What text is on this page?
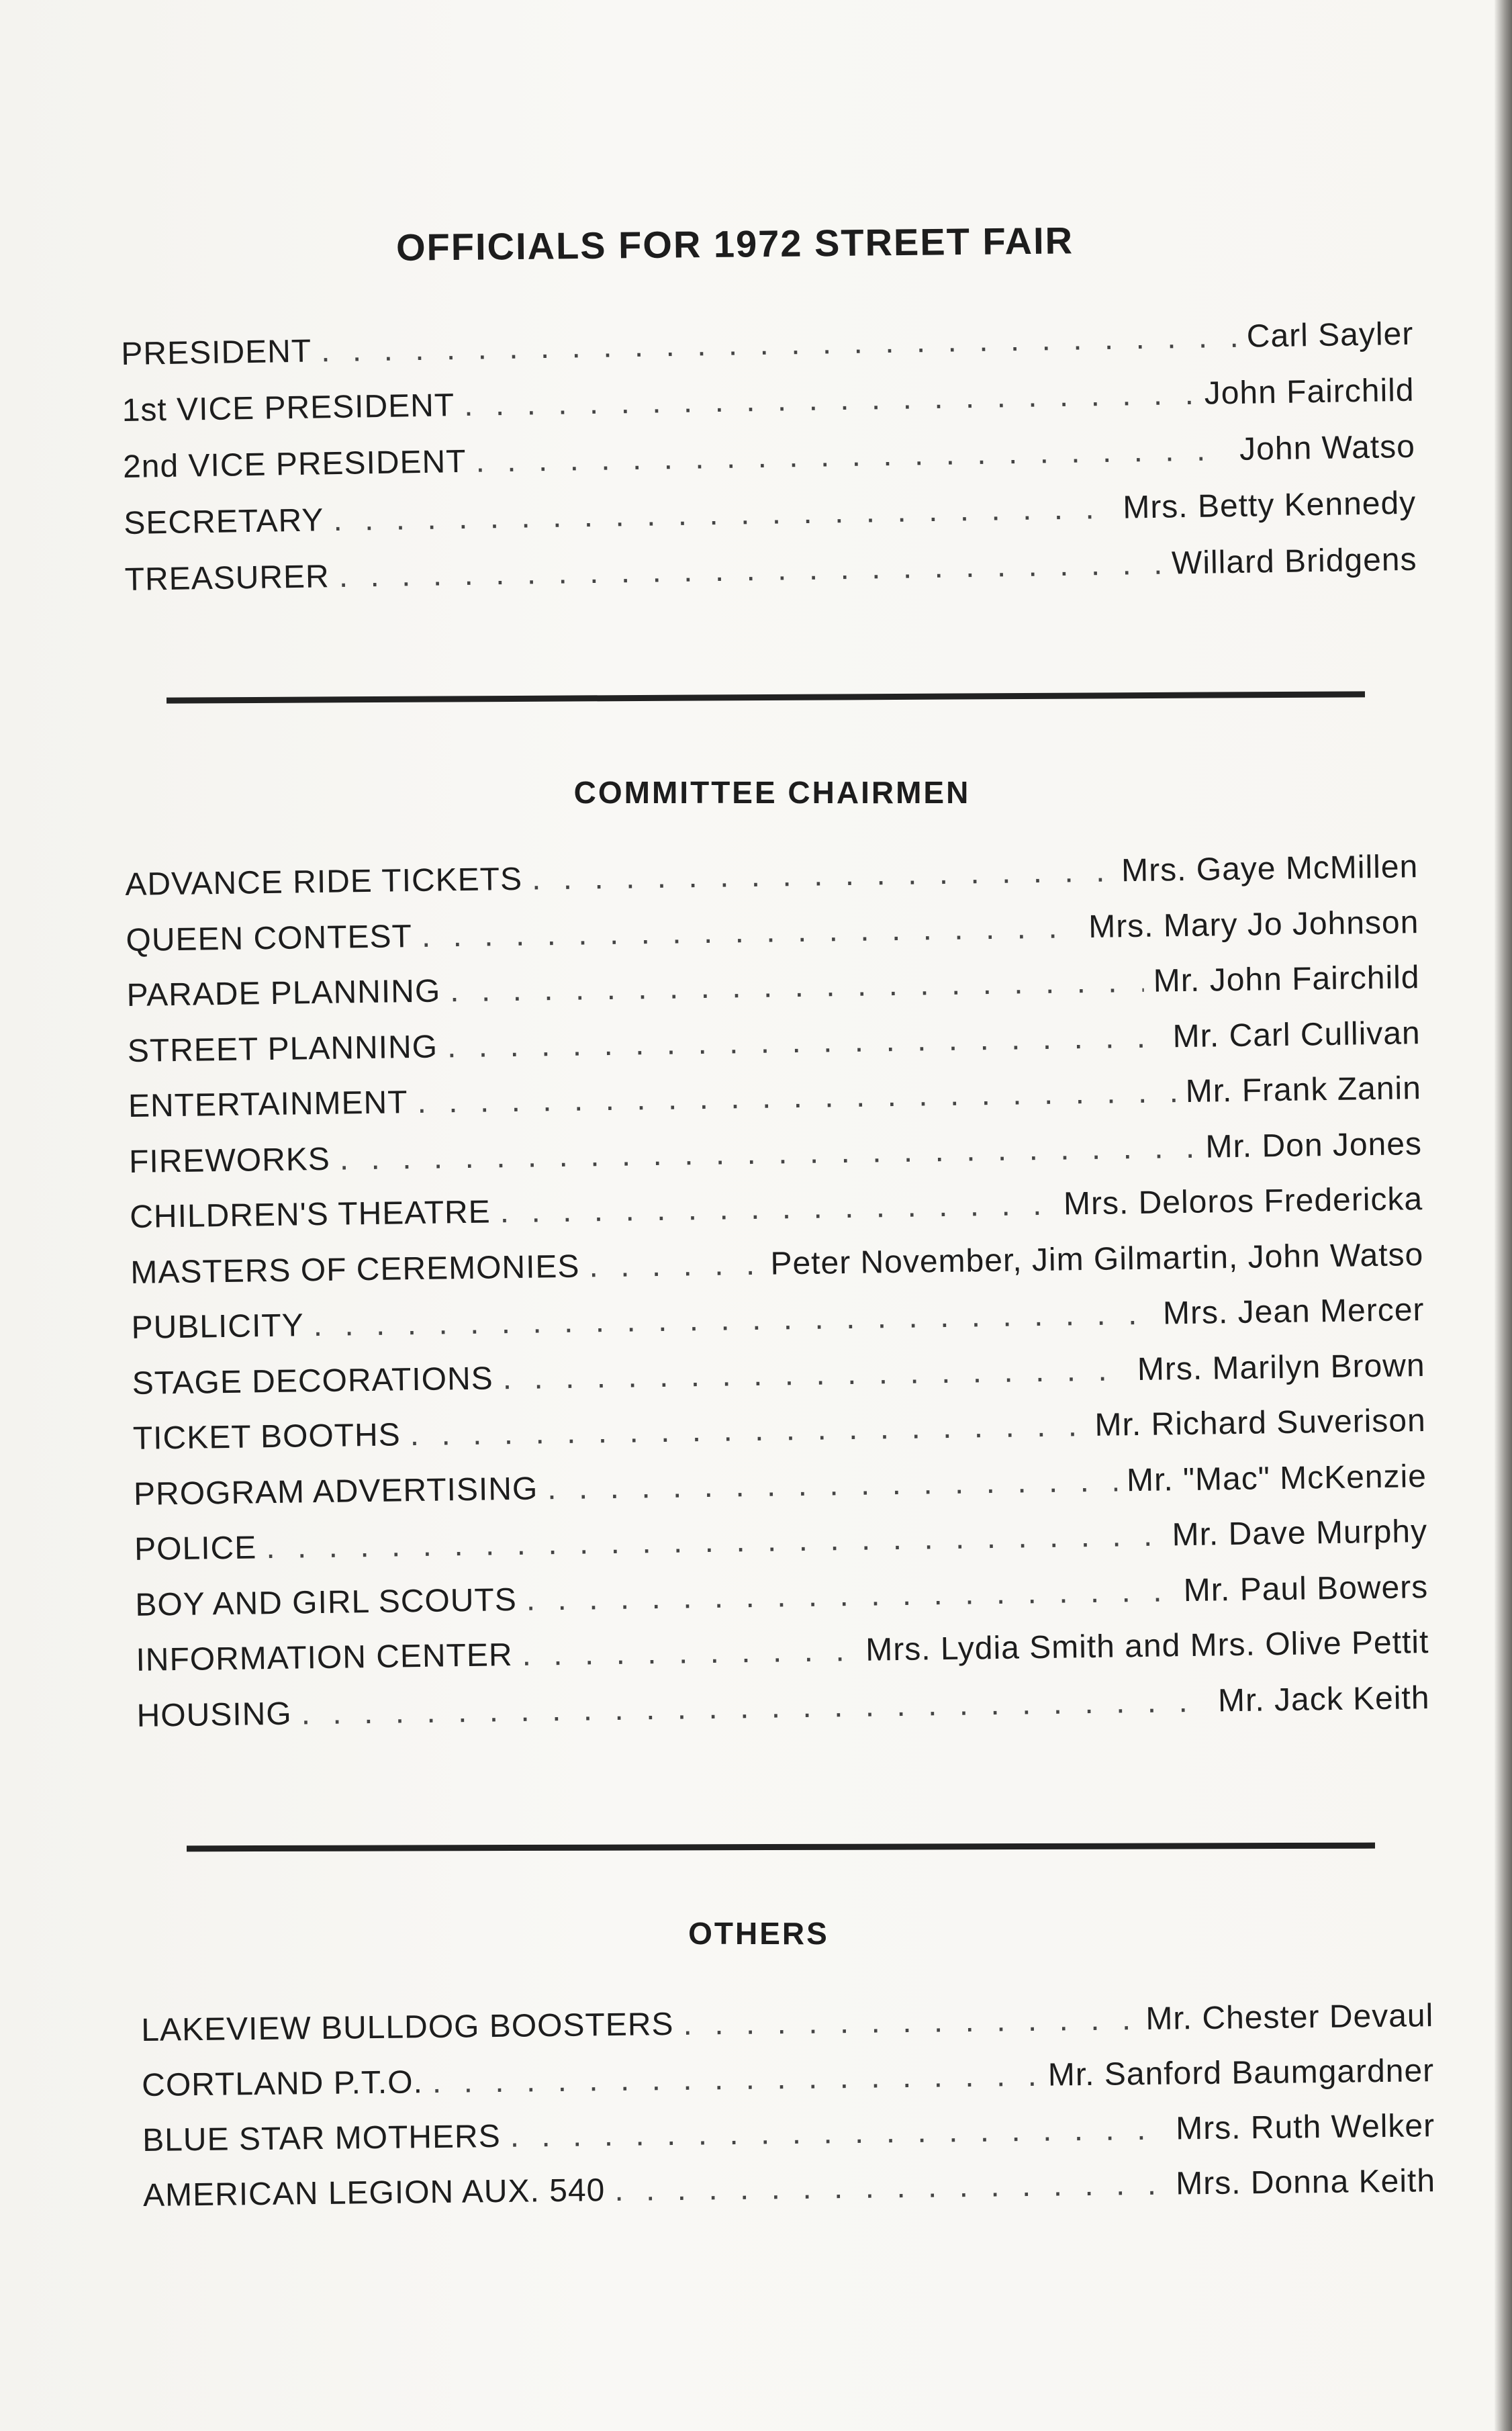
OFFICIALS FOR 1972 STREET FAIR
PRESIDENT . . .	Carl Sayler
1st VICE PRESIDENT . . .	John Fairchild
2nd VICE PRESIDENT . . .	John Watso
SECRETARY . . .	Mrs. Betty Kennedy
TREASURER . . .	Willard Bridgens
COMMITTEE CHAIRMEN
ADVANCE RIDE TICKETS . . .	Mrs. Gaye McMillen
QUEEN CONTEST . . .	Mrs. Mary Jo Johnson
PARADE PLANNING . . .	Mr. John Fairchild
STREET PLANNING . . .	Mr. Carl Cullivan
ENTERTAINMENT . . .	Mr. Frank Zanin
FIREWORKS . . .	Mr. Don Jones
CHILDREN'S THEATRE . . .	Mrs. Deloros Fredericka
MASTERS OF CEREMONIES . . .	Peter November, Jim Gilmartin, John Watso
PUBLICITY . . .	Mrs. Jean Mercer
STAGE DECORATIONS . . .	Mrs. Marilyn Brown
TICKET BOOTHS . . .	Mr. Richard Suverison
PROGRAM ADVERTISING . . .	Mr. "Mac" McKenzie
POLICE . . .	Mr. Dave Murphy
BOY AND GIRL SCOUTS . . .	Mr. Paul Bowers
INFORMATION CENTER . . .	Mrs. Lydia Smith and Mrs. Olive Pettit
HOUSING . . .	Mr. Jack Keith
OTHERS
LAKEVIEW BULLDOG BOOSTERS . . .	Mr. Chester Devaul
CORTLAND P.T.O. . . .	Mr. Sanford Baumgardner
BLUE STAR MOTHERS . . .	Mrs. Ruth Welker
AMERICAN LEGION AUX. 540 . . .	Mrs. Donna Keith
